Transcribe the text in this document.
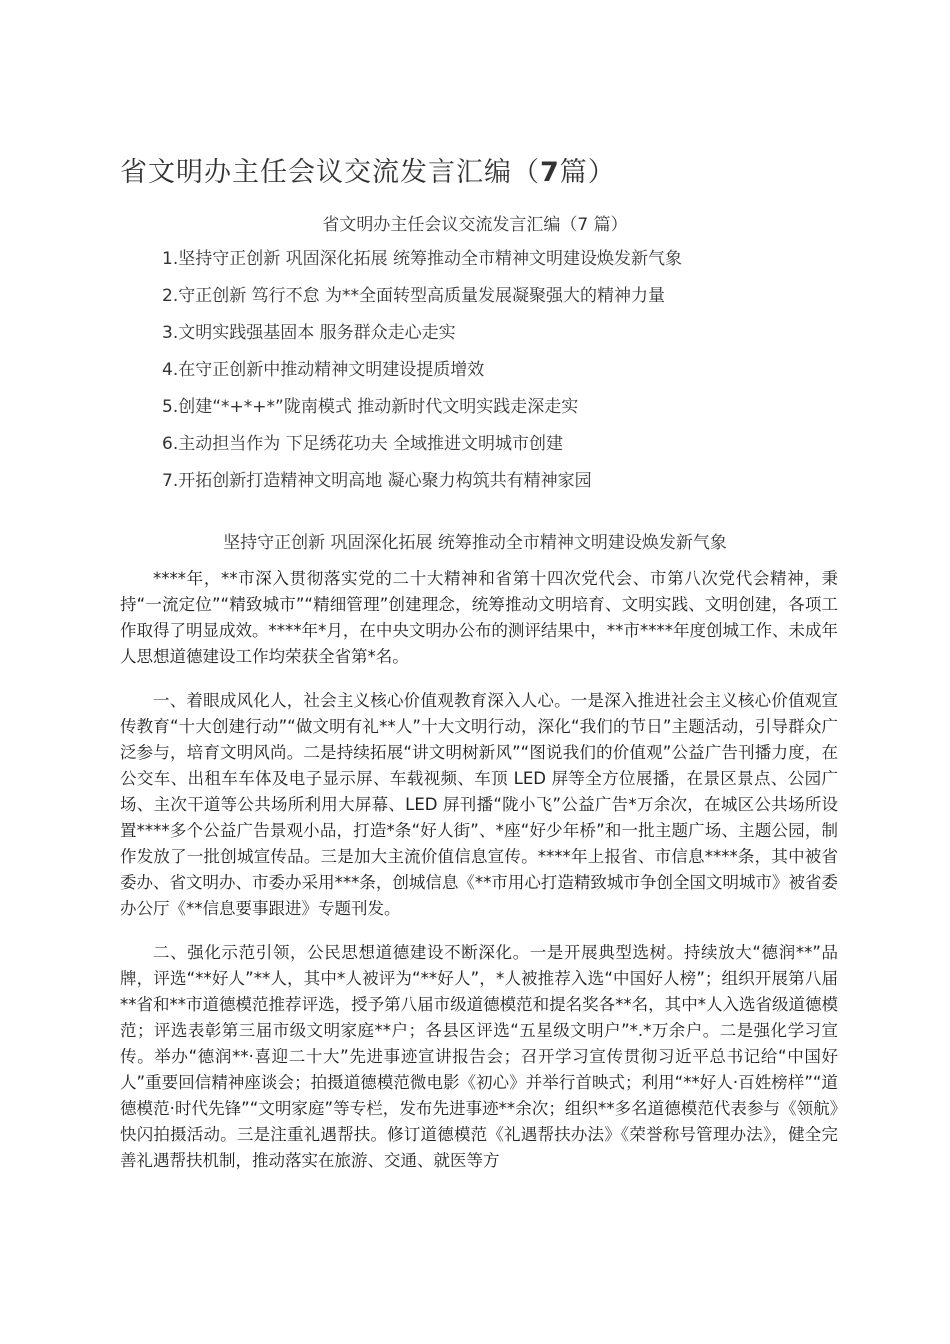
省文明办主任会议交流发言汇编（7篇）
省文明办主任会议交流发言汇编（7 篇）
1.坚持守正创新 巩固深化拓展 统筹推动全市精神文明建设焕发新气象
2.守正创新 笃行不怠 为**全面转型高质量发展凝聚强大的精神力量
3.文明实践强基固本 服务群众走心走实
4.在守正创新中推动精神文明建设提质增效
5.创建“*+*+*”陇南模式 推动新时代文明实践走深走实
6.主动担当作为 下足绣花功夫 全域推进文明城市创建
7.开拓创新打造精神文明高地 凝心聚力构筑共有精神家园
坚持守正创新 巩固深化拓展 统筹推动全市精神文明建设焕发新气象

****年，**市深入贯彻落实党的二十大精神和省第十四次党代会、市第八次党代会精神，秉持“一流定位”“精致城市”“精细管理”创建理念，统筹推动文明培育、文明实践、文明创建，各项工作取得了明显成效。****年*月，在中央文明办公布的测评结果中，**市****年度创城工作、未成年人思想道德建设工作均荣获全省第*名。

一、着眼成风化人，社会主义核心价值观教育深入人心。一是深入推进社会主义核心价值观宣传教育“十大创建行动”“做文明有礼**人”十大文明行动，深化“我们的节日”主题活动，引导群众广泛参与，培育文明风尚。二是持续拓展“讲文明树新风”“图说我们的价值观”公益广告刊播力度，在公交车、出租车车体及电子显示屏、车载视频、车顶 LED 屏等全方位展播，在景区景点、公园广场、主次干道等公共场所利用大屏幕、LED 屏刊播“陇小飞”公益广告*万余次，在城区公共场所设置****多个公益广告景观小品，打造*条“好人街”、*座“好少年桥”和一批主题广场、主题公园，制作发放了一批创城宣传品。三是加大主流价值信息宣传。****年上报省、市信息****条，其中被省委办、省文明办、市委办采用***条，创城信息《**市用心打造精致城市争创全国文明城市》被省委办公厅《**信息要事跟进》专题刊发。

二、强化示范引领，公民思想道德建设不断深化。一是开展典型选树。持续放大“德润**”品牌，评选“**好人”**人，其中*人被评为“**好人”，*人被推荐入选“中国好人榜”；组织开展第八届**省和**市道德模范推荐评选，授予第八届市级道德模范和提名奖各**名，其中*人入选省级道德模范；评选表彰第三届市级文明家庭**户；各县区评选“五星级文明户”*.*万余户。二是强化学习宣传。举办“德润**·喜迎二十大”先进事迹宣讲报告会；召开学习宣传贯彻习近平总书记给“中国好人”重要回信精神座谈会；拍摄道德模范微电影《初心》并举行首映式；利用“**好人·百姓榜样”“道德模范·时代先锋”“文明家庭”等专栏，发布先进事迹**余次；组织**多名道德模范代表参与《领航》快闪拍摄活动。三是注重礼遇帮扶。修订道德模范《礼遇帮扶办法》《荣誉称号管理办法》，健全完善礼遇帮扶机制，推动落实在旅游、交通、就医等方
